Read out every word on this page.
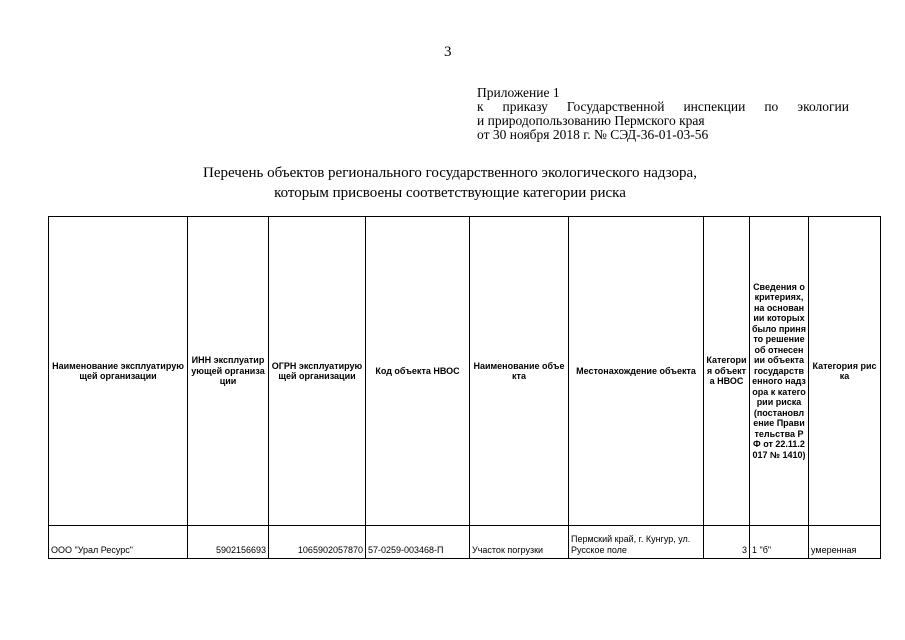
3
Приложение 1
к приказу Государственной инспекции по экологии
и природопользованию Пермского края
от 30 ноября 2018 г. № СЭД-36-01-03-56
Перечень объектов регионального государственного экологического надзора,
которым присвоены соответствующие категории риска
Наименование эксплуатирующей организации	ИНН эксплуатирующей организации	ОГРН эксплуатирующей организации	Код объекта НВОС	Наименование объекта	Местонахождение объекта	Категория объекта НВОС	Сведения о критериях, на основании которых было принято решение об отнесении объекта государственного надзора к категории риска (постановление Правительства РФ от 22.11.2017 № 1410)	Категория риска
ООО "Урал Ресурс"	5902156693	1065902057870	57-0259-003468-П	Участок погрузки	Пермский край, г. Кунгур, ул. Русское поле	3	1 "б"	умеренная
